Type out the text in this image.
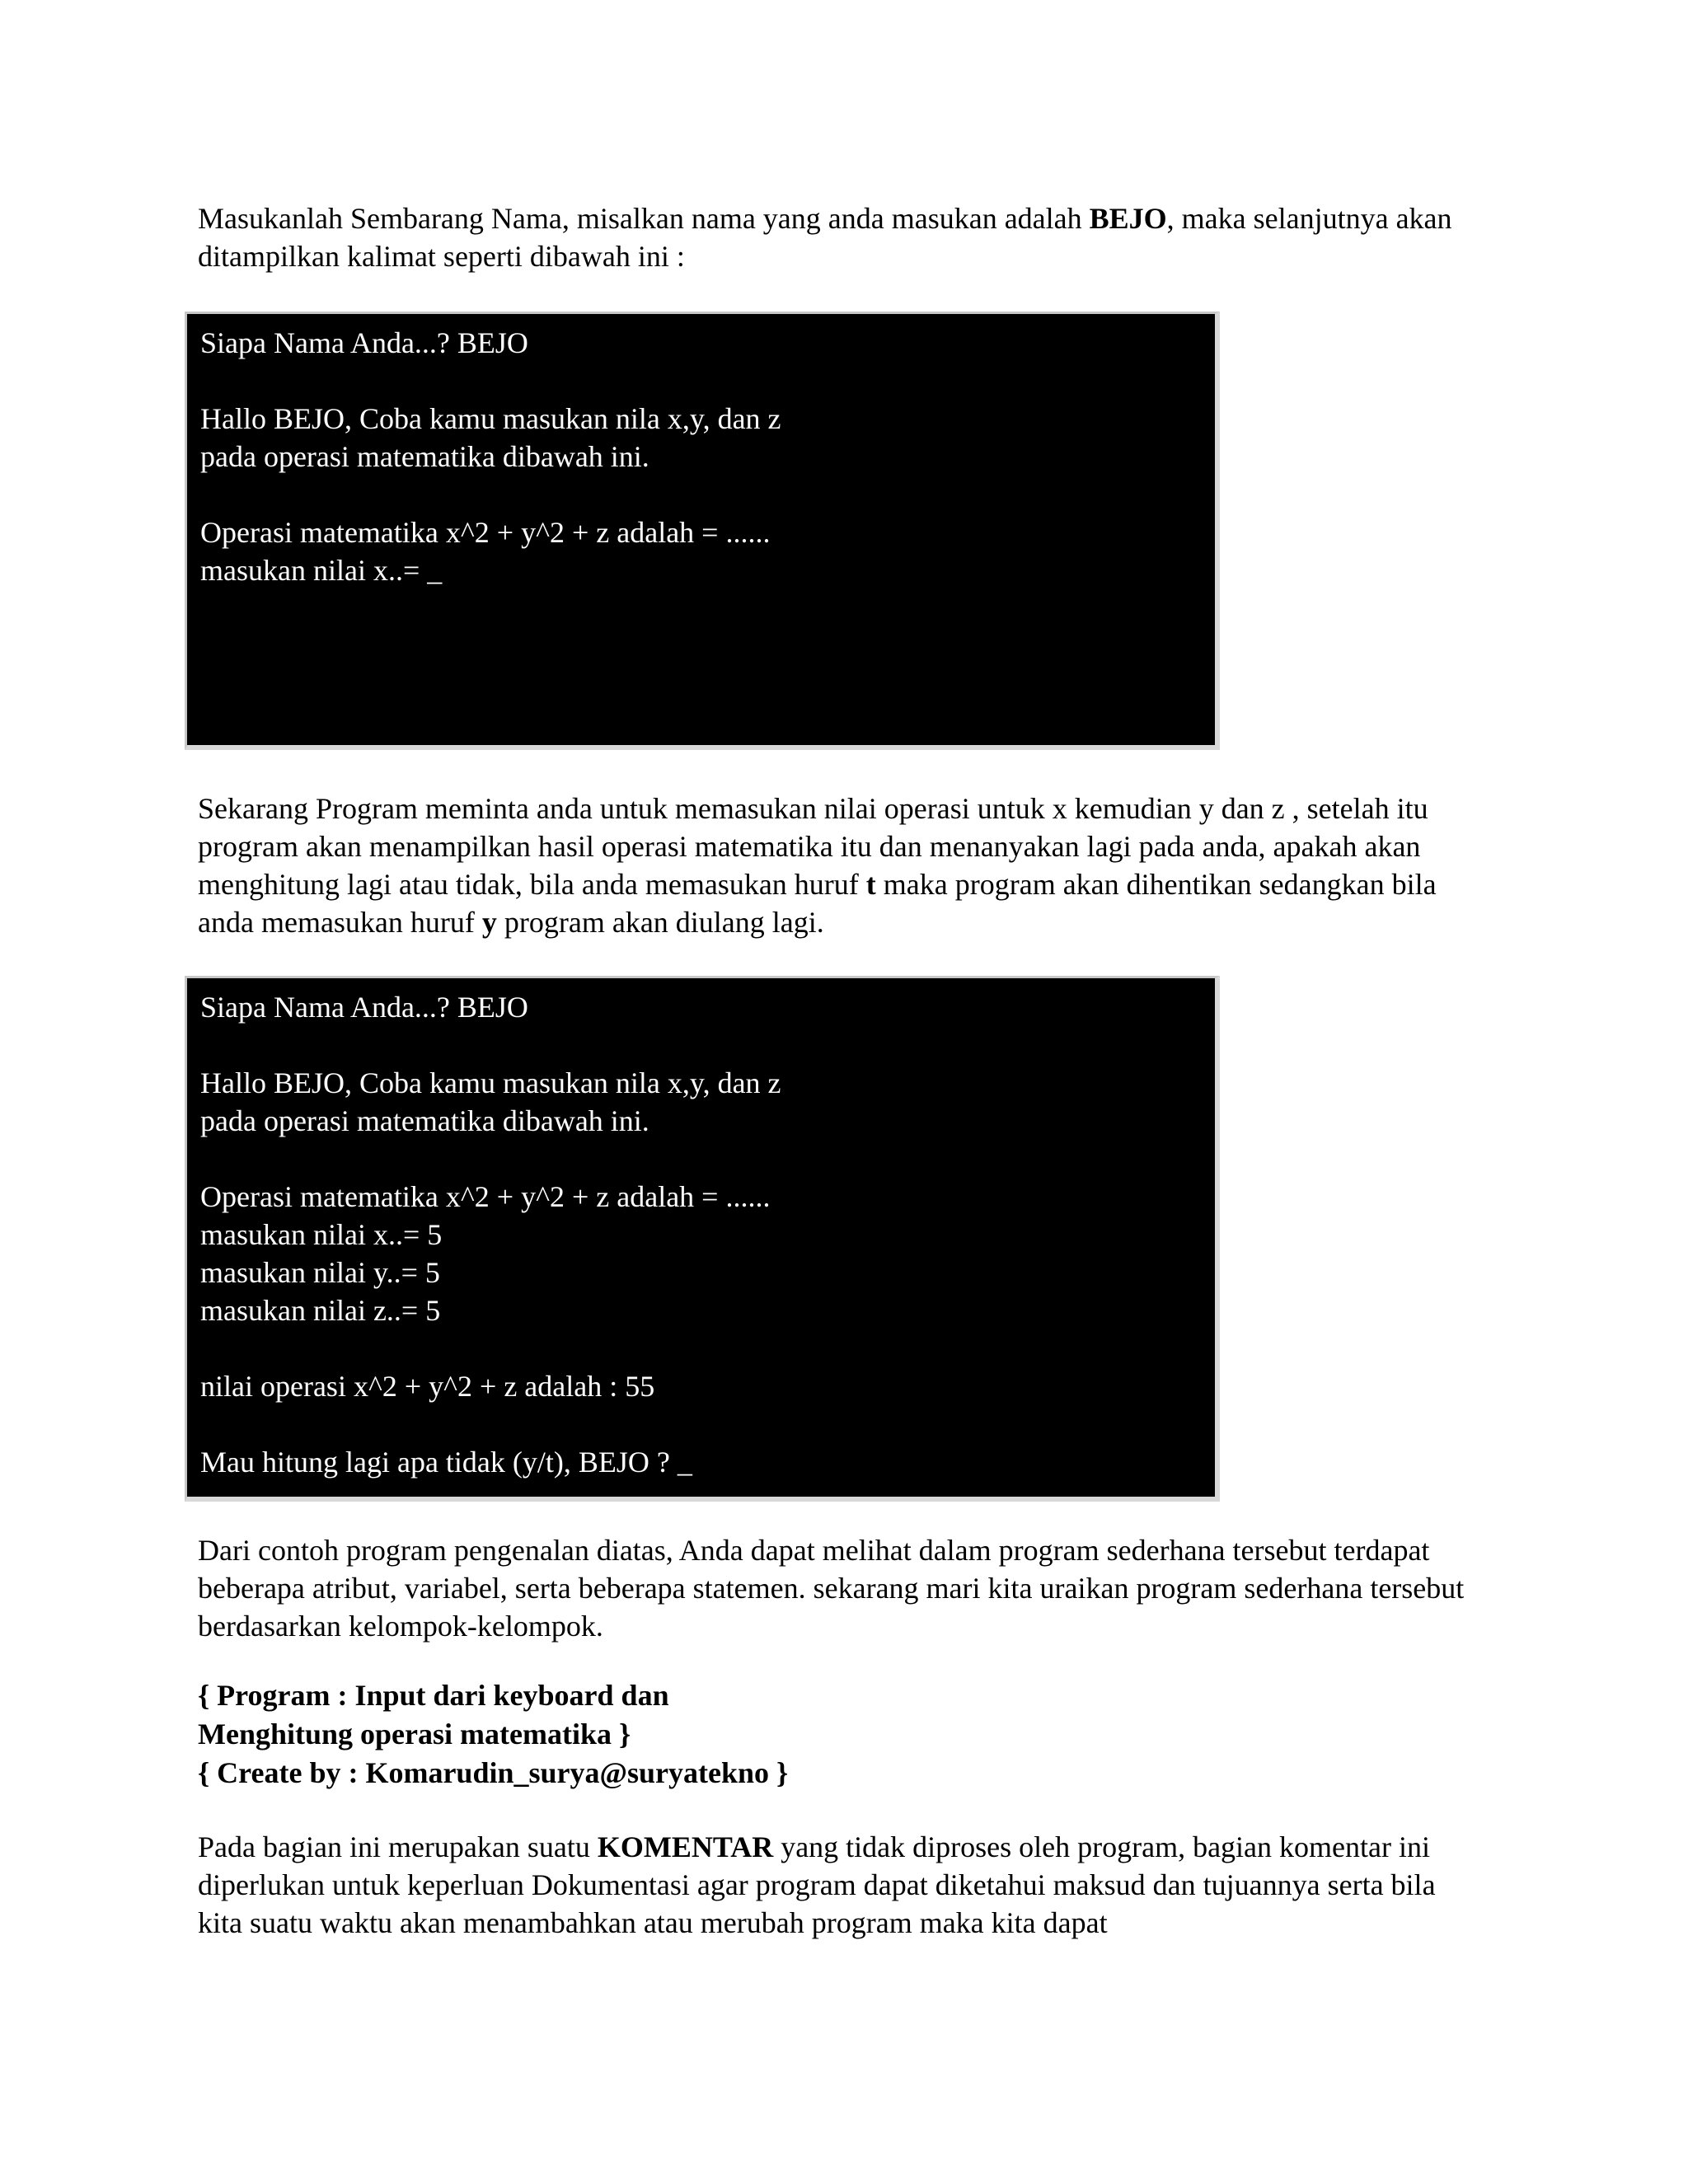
Masukanlah Sembarang Nama, misalkan nama yang anda masukan adalah BEJO, maka selanjutnya akan ditampilkan kalimat seperti dibawah ini :

Siapa Nama Anda...? BEJO
Hallo BEJO, Coba kamu masukan nila x,y, dan z
pada operasi matematika dibawah ini.
Operasi matematika x^2 + y^2 + z adalah = ......
masukan nilai x..= _

Sekarang Program meminta anda untuk memasukan nilai operasi untuk x kemudian y dan z , setelah itu program akan menampilkan hasil operasi matematika itu dan menanyakan lagi pada anda, apakah akan menghitung lagi atau tidak, bila anda memasukan huruf t maka program akan dihentikan sedangkan bila anda memasukan huruf y program akan diulang lagi.

Siapa Nama Anda...? BEJO
Hallo BEJO, Coba kamu masukan nila x,y, dan z
pada operasi matematika dibawah ini.
Operasi matematika x^2 + y^2 + z adalah = ......
masukan nilai x..= 5
masukan nilai y..= 5
masukan nilai z..= 5
nilai operasi x^2 + y^2 + z adalah : 55
Mau hitung lagi apa tidak (y/t), BEJO ? _

Dari contoh program pengenalan diatas, Anda dapat melihat dalam program sederhana tersebut terdapat beberapa atribut, variabel, serta beberapa statemen. sekarang mari kita uraikan program sederhana tersebut berdasarkan kelompok-kelompok.

{ Program : Input dari keyboard dan
Menghitung operasi matematika }
{ Create by : Komarudin_surya@suryatekno }

Pada bagian ini merupakan suatu KOMENTAR yang tidak diproses oleh program, bagian komentar ini diperlukan untuk keperluan Dokumentasi agar program dapat diketahui maksud dan tujuannya serta bila kita suatu waktu akan menambahkan atau merubah program maka kita dapat
